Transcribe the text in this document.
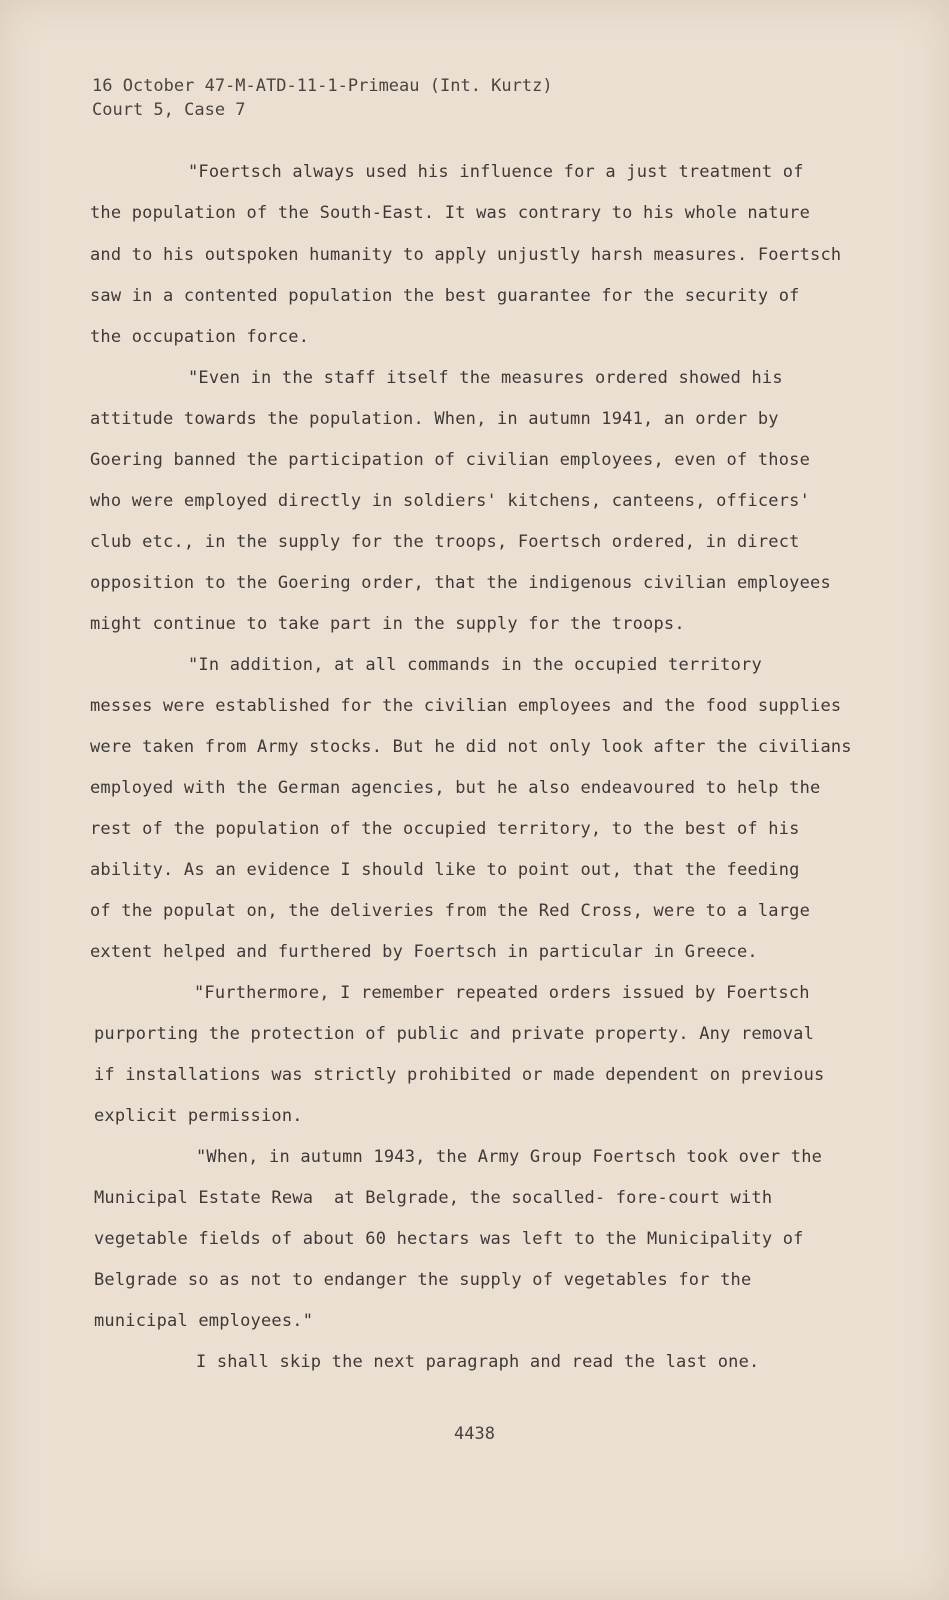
16 October 47-M-ATD-11-1-Primeau (Int. Kurtz)
Court 5, Case 7
"Foertsch always used his influence for a just treatment of
the population of the South-East. It was contrary to his whole nature
and to his outspoken humanity to apply unjustly harsh measures. Foertsch
saw in a contented population the best guarantee for the security of
the occupation force.
"Even in the staff itself the measures ordered showed his
attitude towards the population. When, in autumn 1941, an order by
Goering banned the participation of civilian employees, even of those
who were employed directly in soldiers' kitchens, canteens, officers'
club etc., in the supply for the troops, Foertsch ordered, in direct
opposition to the Goering order, that the indigenous civilian employees
might continue to take part in the supply for the troops.
"In addition, at all commands in the occupied territory
messes were established for the civilian employees and the food supplies
were taken from Army stocks. But he did not only look after the civilians
employed with the German agencies, but he also endeavoured to help the
rest of the population of the occupied territory, to the best of his
ability. As an evidence I should like to point out, that the feeding
of the populat on, the deliveries from the Red Cross, were to a large
extent helped and furthered by Foertsch in particular in Greece.
"Furthermore, I remember repeated orders issued by Foertsch
purporting the protection of public and private property. Any removal
if installations was strictly prohibited or made dependent on previous
explicit permission.
"When, in autumn 1943, the Army Group Foertsch took over the
Municipal Estate Rewa  at Belgrade, the socalled- fore-court with
vegetable fields of about 60 hectars was left to the Municipality of
Belgrade so as not to endanger the supply of vegetables for the
municipal employees."
I shall skip the next paragraph and read the last one.
4438
